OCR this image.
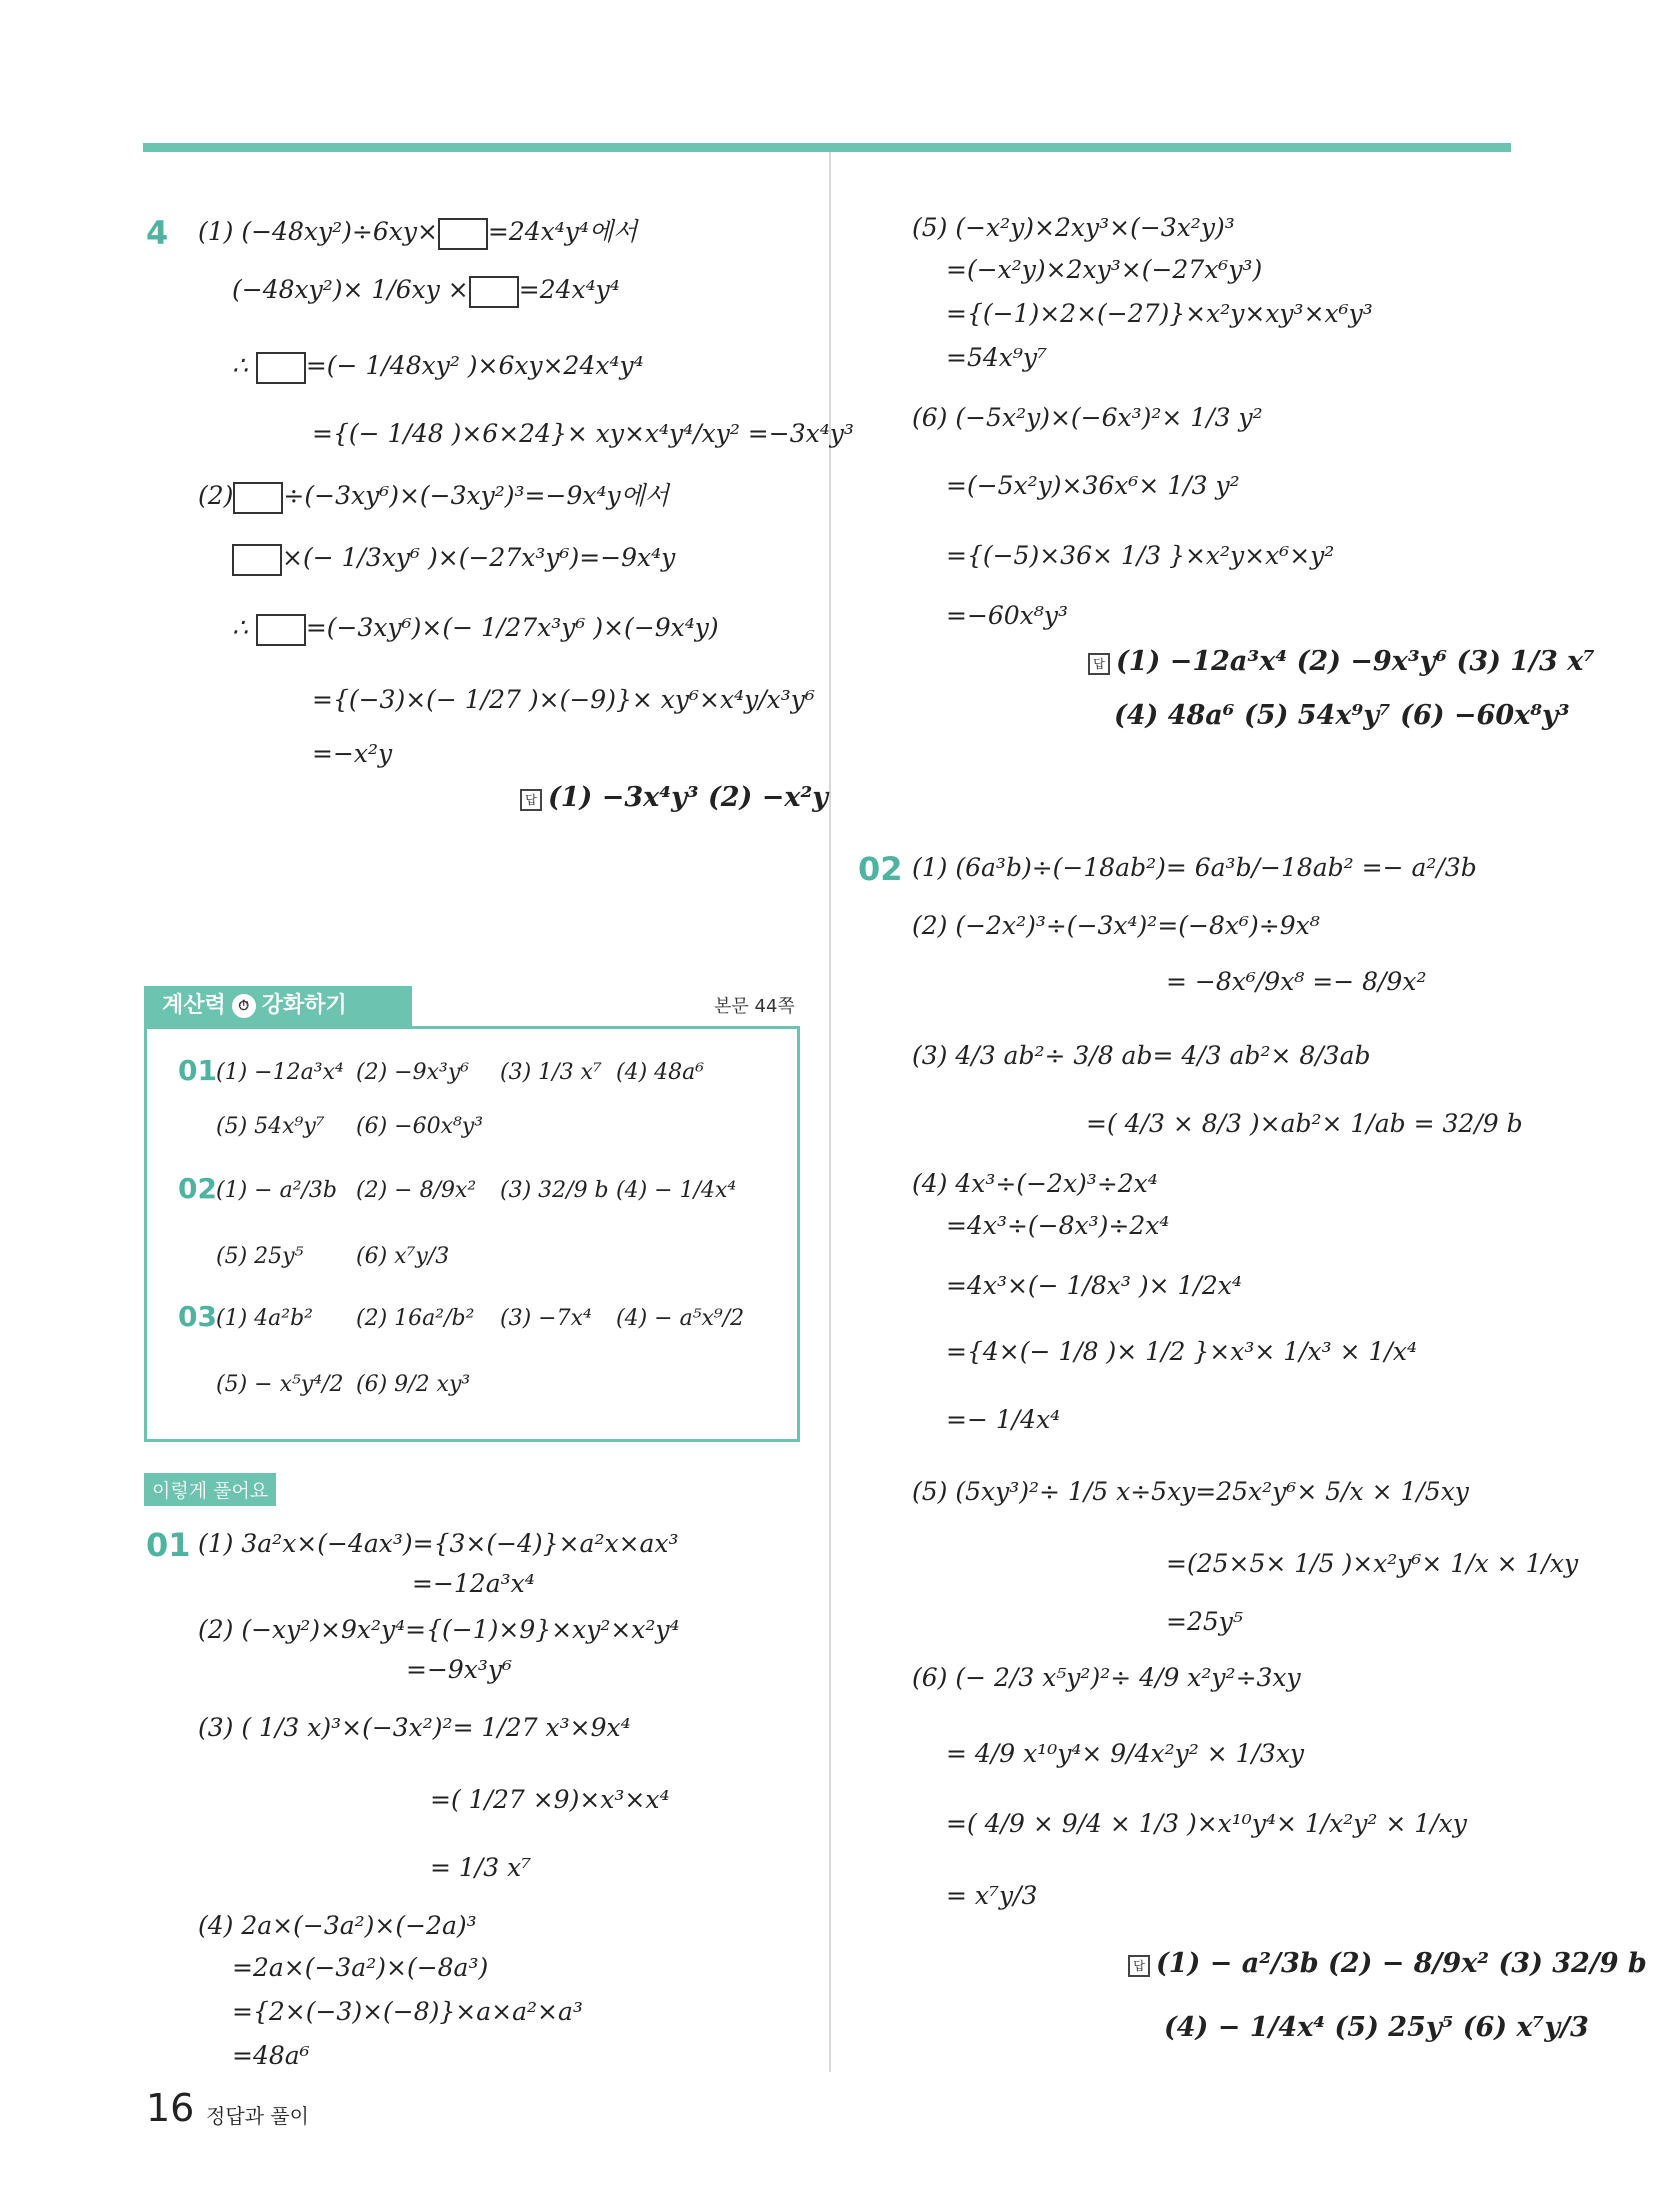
4 (1) (−48xy²)÷6xy× =24x⁴y⁴에서
(−48xy²)× 1/6xy × =24x⁴y⁴
∴ =(− 1/48xy² )×6xy×24x⁴y⁴
={(− 1/48 )×6×24}× xy×x⁴y⁴/xy² =−3x⁴y³
(2) ÷(−3xy⁶)×(−3xy²)³=−9x⁴y에서
×(− 1/3xy⁶ )×(−27x³y⁶)=−9x⁴y
∴ =(−3xy⁶)×(− 1/27x³y⁶ )×(−9x⁴y)
={(−3)×(− 1/27 )×(−9)}× xy⁶×x⁴y/x³y⁶
=−x²y
답 (1) −3x⁴y³ (2) −x²y
계산력 ⏱ 강화하기	본문 44쪽
01 (1) −12a³x⁴ (2) −9x³y⁶ (3) 1/3 x⁷ (4) 48a⁶
(5) 54x⁹y⁷ (6) −60x⁸y³
02 (1) − a²/3b (2) − 8/9x² (3) 32/9 b (4) − 1/4x⁴
(5) 25y⁵ (6) x⁷y/3
03 (1) 4a²b² (2) 16a²/b² (3) −7x⁴ (4) − a⁵x⁹/2
(5) − x⁵y⁴/2 (6) 9/2 xy³
이렇게 풀어요
01 (1) 3a²x×(−4ax³)={3×(−4)}×a²x×ax³
=−12a³x⁴
(2) (−xy²)×9x²y⁴={(−1)×9}×xy²×x²y⁴
=−9x³y⁶
(3) ( 1/3 x)³×(−3x²)²= 1/27 x³×9x⁴
=( 1/27 ×9)×x³×x⁴
= 1/3 x⁷
(4) 2a×(−3a²)×(−2a)³
=2a×(−3a²)×(−8a³)
={2×(−3)×(−8)}×a×a²×a³
=48a⁶
16 정답과 풀이
(5) (−x²y)×2xy³×(−3x²y)³
=(−x²y)×2xy³×(−27x⁶y³)
={(−1)×2×(−27)}×x²y×xy³×x⁶y³
=54x⁹y⁷
(6) (−5x²y)×(−6x³)²× 1/3 y²
=(−5x²y)×36x⁶× 1/3 y²
={(−5)×36× 1/3 }×x²y×x⁶×y²
=−60x⁸y³
답 (1) −12a³x⁴ (2) −9x³y⁶ (3) 1/3 x⁷
(4) 48a⁶ (5) 54x⁹y⁷ (6) −60x⁸y³
02 (1) (6a³b)÷(−18ab²)= 6a³b/−18ab² =− a²/3b
(2) (−2x²)³÷(−3x⁴)²=(−8x⁶)÷9x⁸
= −8x⁶/9x⁸ =− 8/9x²
(3) 4/3 ab²÷ 3/8 ab= 4/3 ab²× 8/3ab
=( 4/3 × 8/3 )×ab²× 1/ab = 32/9 b
(4) 4x³÷(−2x)³÷2x⁴
=4x³÷(−8x³)÷2x⁴
=4x³×(− 1/8x³ )× 1/2x⁴
={4×(− 1/8 )× 1/2 }×x³× 1/x³ × 1/x⁴
=− 1/4x⁴
(5) (5xy³)²÷ 1/5 x÷5xy=25x²y⁶× 5/x × 1/5xy
=(25×5× 1/5 )×x²y⁶× 1/x × 1/xy
=25y⁵
(6) (− 2/3 x⁵y²)²÷ 4/9 x²y²÷3xy
= 4/9 x¹⁰y⁴× 9/4x²y² × 1/3xy
=( 4/9 × 9/4 × 1/3 )×x¹⁰y⁴× 1/x²y² × 1/xy
= x⁷y/3
답 (1) − a²/3b (2) − 8/9x² (3) 32/9 b
(4) − 1/4x⁴ (5) 25y⁵ (6) x⁷y/3
